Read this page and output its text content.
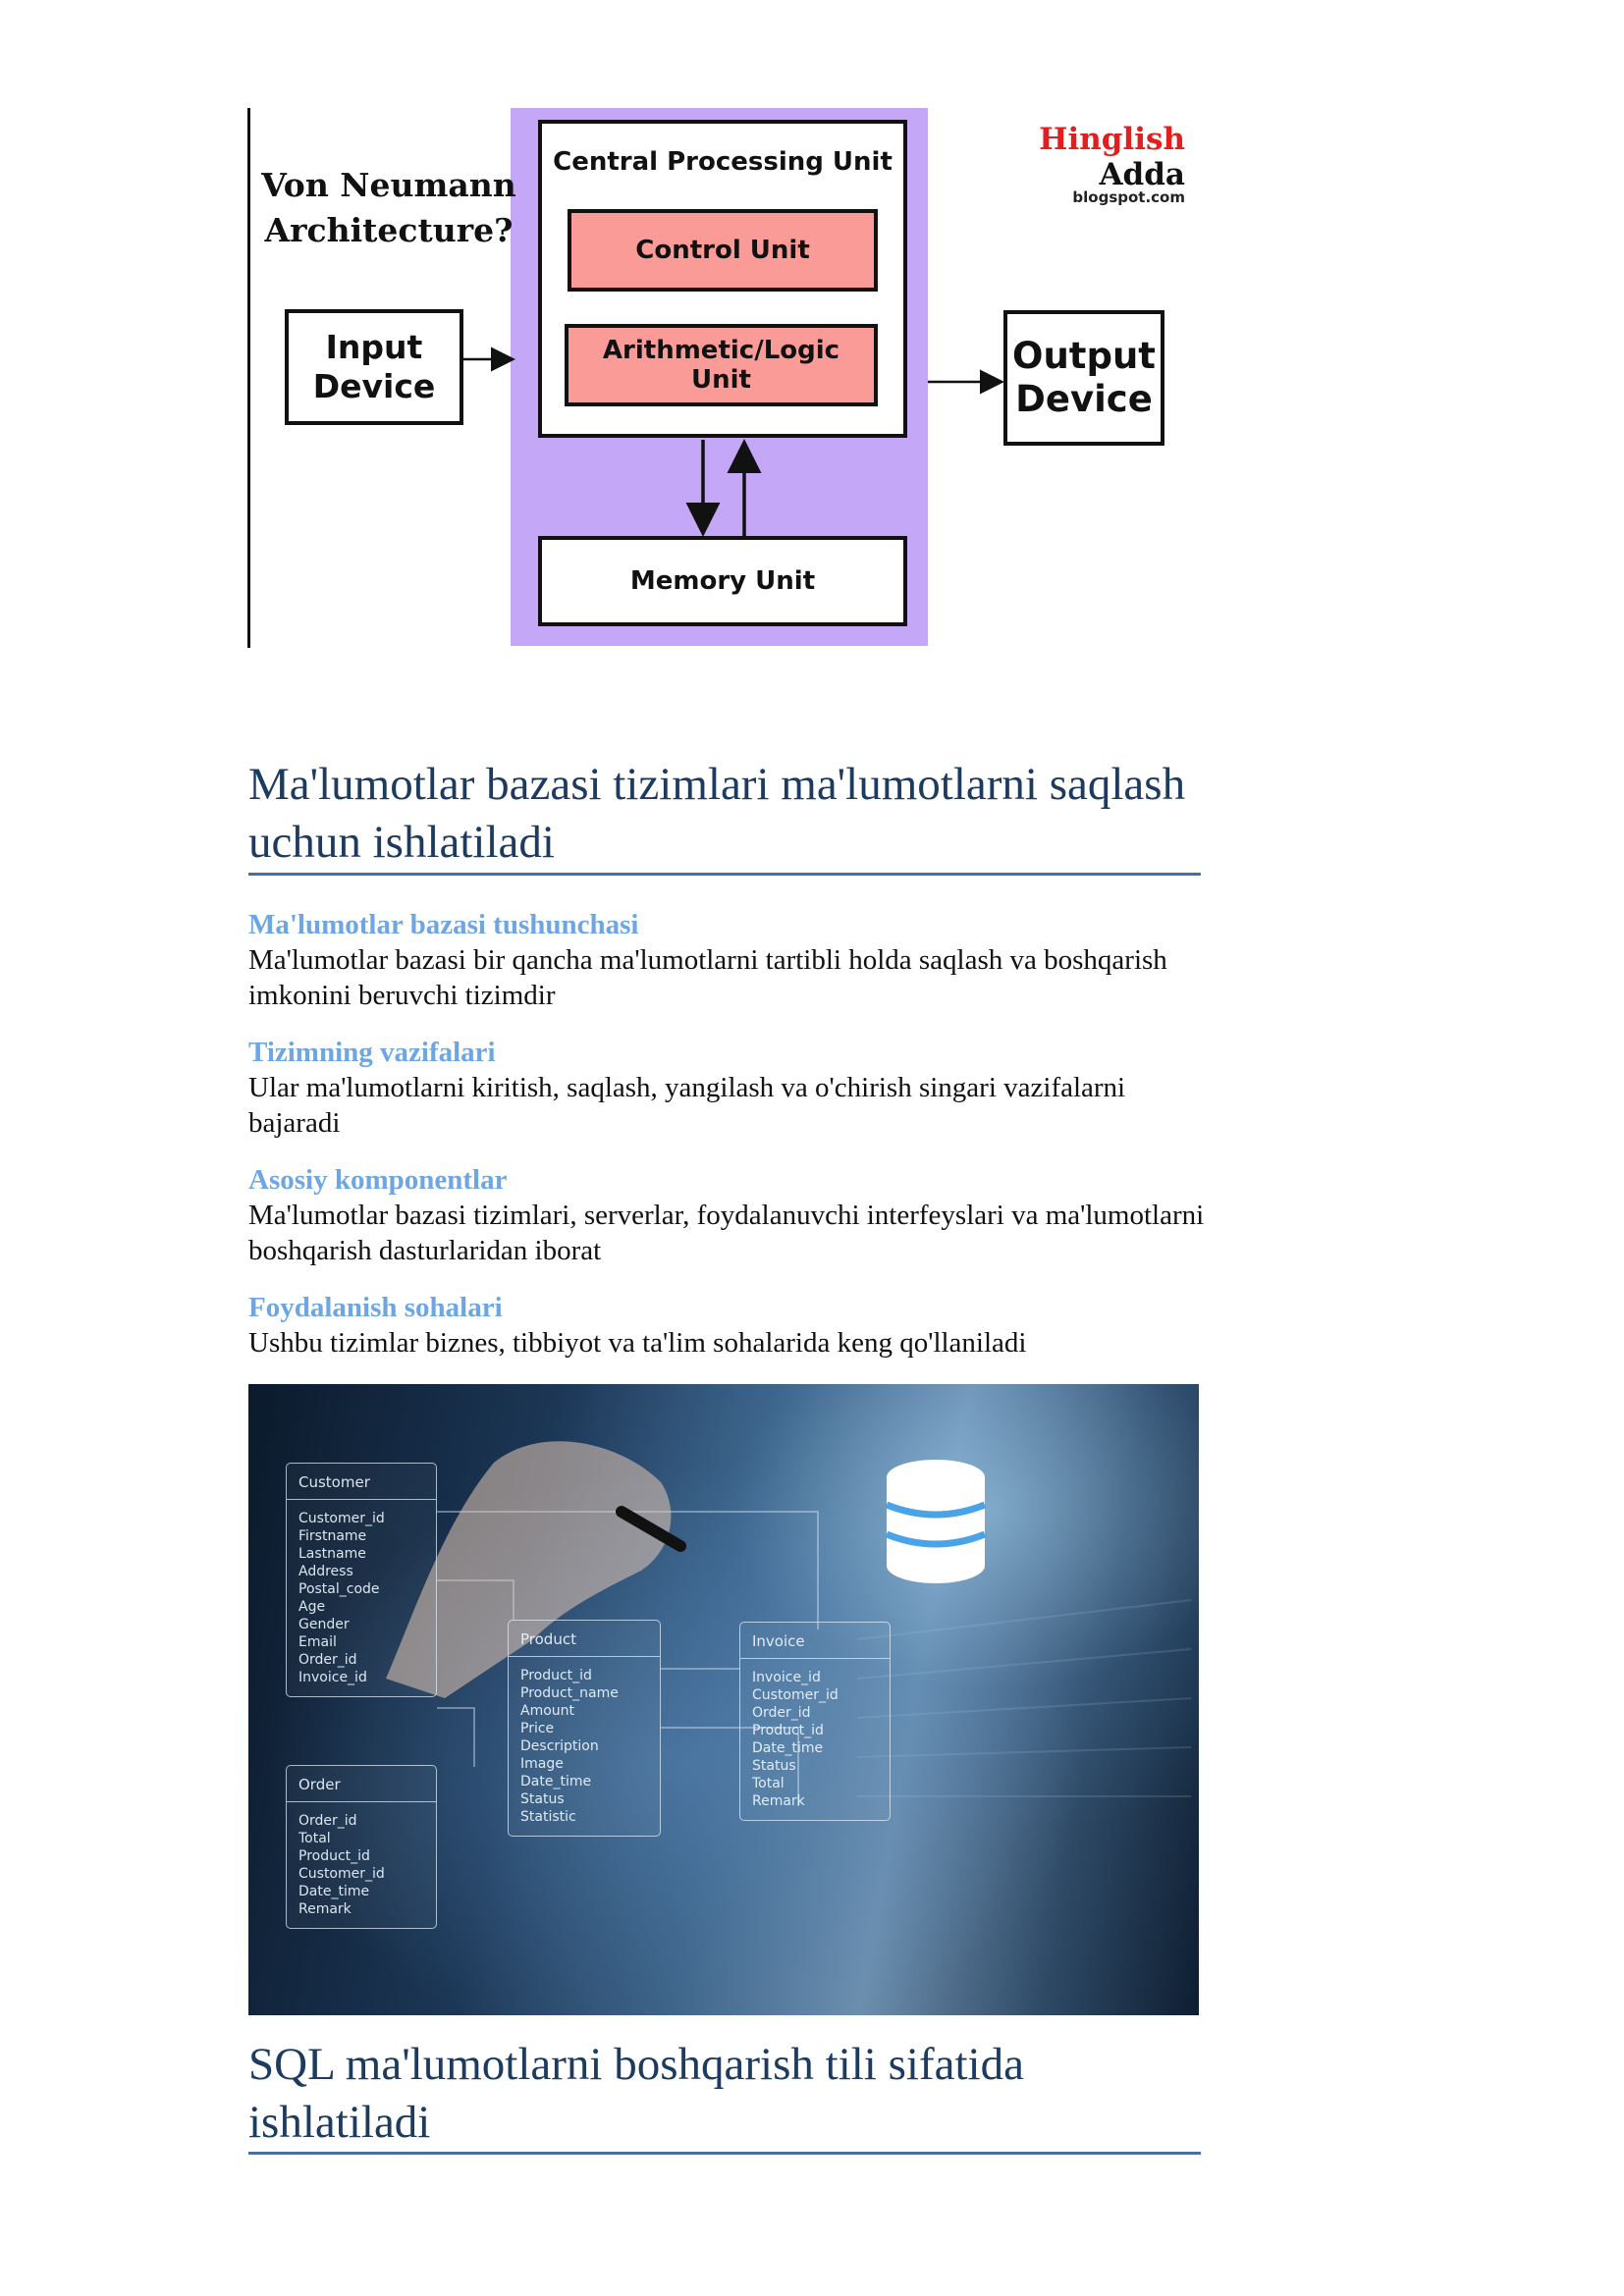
Von Neumann
Architecture?
Central Processing Unit
Control Unit
Arithmetic/Logic Unit
Memory Unit
Input
Device
Output
Device
Hinglish Adda
blogspot.com
Ma'lumotlar bazasi tizimlari ma'lumotlarni saqlash uchun ishlatiladi
Ma'lumotlar bazasi tushunchasi
Ma'lumotlar bazasi bir qancha ma'lumotlarni tartibli holda saqlash va boshqarish imkonini beruvchi tizimdir
Tizimning vazifalari
Ular ma'lumotlarni kiritish, saqlash, yangilash va o'chirish singari vazifalarni bajaradi
Asosiy komponentlar
Ma'lumotlar bazasi tizimlari, serverlar, foydalanuvchi interfeyslari va ma'lumotlarni boshqarish dasturlaridan iborat
Foydalanish sohalari
Ushbu tizimlar biznes, tibbiyot va ta'lim sohalarida keng qo'llaniladi
Customer
Customer_id
Firstname
Lastname
Address
Postal_code
Age
Gender
Email
Order_id
Invoice_id
Product
Product_id
Product_name
Amount
Price
Description
Image
Date_time
Status
Statistic
Invoice
Invoice_id
Customer_id
Order_id
Product_id
Date_time
Status
Total
Remark
Order
Order_id
Total
Product_id
Customer_id
Date_time
Remark
SQL ma'lumotlarni boshqarish tili sifatida ishlatiladi
